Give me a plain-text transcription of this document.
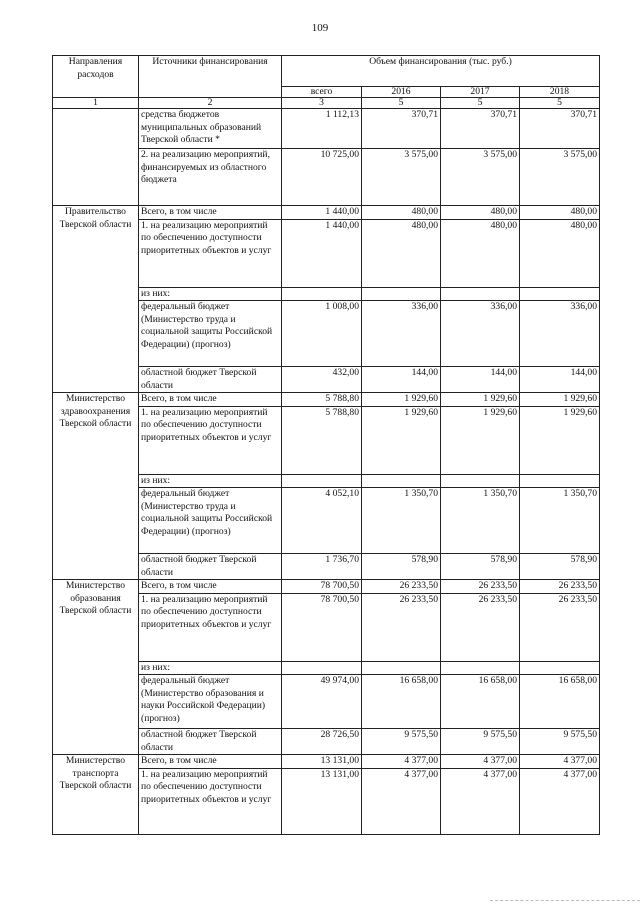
109
Направления расходов	Источники финансирования	Объем финансирования (тыс. руб.)			
		всего	2016	2017	2018
1	2	3	5	5	5
	средства бюджетов муниципальных образований Тверской области *	1 112,13	370,71	370,71	370,71
	2. на реализацию мероприятий, финансируемых из областного бюджета	10 725,00	3 575,00	3 575,00	3 575,00
Правительство Тверской области	Всего, в том числе	1 440,00	480,00	480,00	480,00
	1. на реализацию мероприятий по обеспечению доступности приоритетных объектов и услуг	1 440,00	480,00	480,00	480,00
	из них:				
	федеральный бюджет (Министерство труда и социальной защиты Российской Федерации) (прогноз)	1 008,00	336,00	336,00	336,00
	областной бюджет Тверской области	432,00	144,00	144,00	144,00
Министерство здравоохранения Тверской области	Всего, в том числе	5 788,80	1 929,60	1 929,60	1 929,60
	1. на реализацию мероприятий по обеспечению доступности приоритетных объектов и услуг	5 788,80	1 929,60	1 929,60	1 929,60
	из них:				
	федеральный бюджет (Министерство труда и социальной защиты Российской Федерации) (прогноз)	4 052,10	1 350,70	1 350,70	1 350,70
	областной бюджет Тверской области	1 736,70	578,90	578,90	578,90
Министерство образования Тверской области	Всего, в том числе	78 700,50	26 233,50	26 233,50	26 233,50
	1. на реализацию мероприятий по обеспечению доступности приоритетных объектов и услуг	78 700,50	26 233,50	26 233,50	26 233,50
	из них:				
	федеральный бюджет (Министерство образования и науки Российской Федерации) (прогноз)	49 974,00	16 658,00	16 658,00	16 658,00
	областной бюджет Тверской области	28 726,50	9 575,50	9 575,50	9 575,50
Министерство транспорта Тверской области	Всего, в том числе	13 131,00	4 377,00	4 377,00	4 377,00
	1. на реализацию мероприятий по обеспечению доступности приоритетных объектов и услуг	13 131,00	4 377,00	4 377,00	4 377,00
